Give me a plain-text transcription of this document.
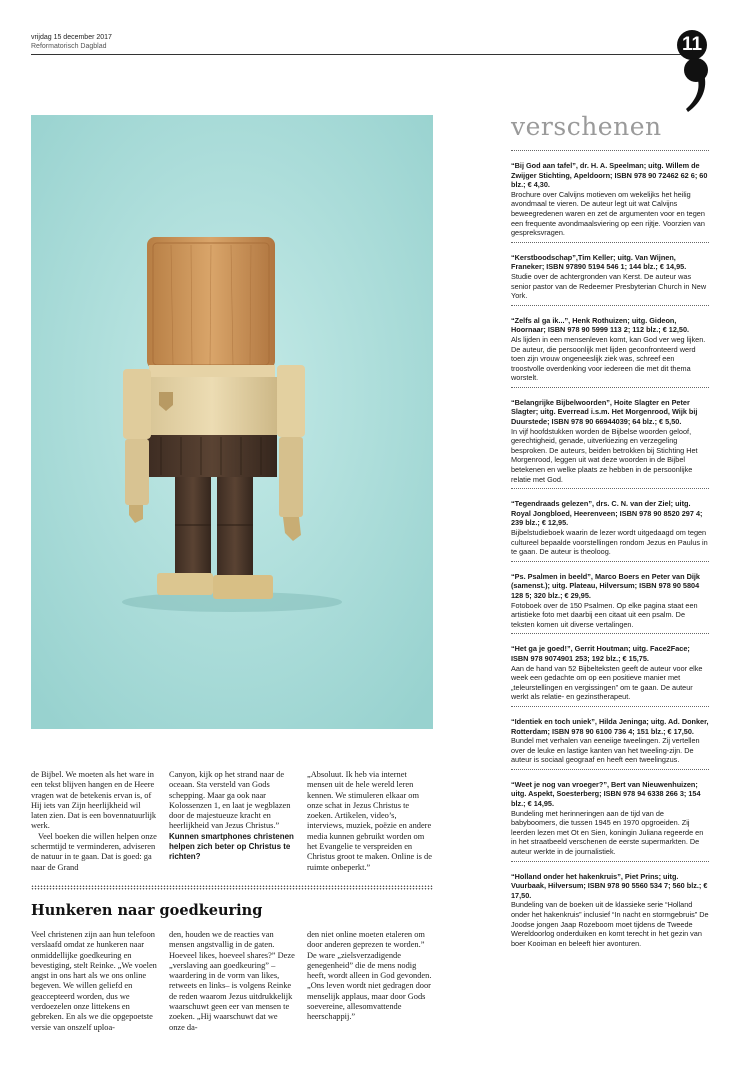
vrijdag 15 december 2017
Reformatorisch Dagblad	11
verschenen
“Bij God aan tafel”, dr. H. A. Speelman; uitg. Willem de Zwijger Stichting, Apeldoorn; ISBN 978 90 72462 62 6; 60 blz.; € 4,30.
Brochure over Calvijns motieven om wekelijks het heilig avondmaal te vieren. De auteur legt uit wat Calvijns beweegredenen waren en zet de argumenten voor en tegen een frequente avondmaalsviering op een rijtje. Voorzien van gespreksvragen.
“Kerstboodschap”,Tim Keller; uitg. Van Wijnen, Franeker; ISBN 97890 5194 546 1; 144 blz.; € 14,95.
Studie over de achtergronden van Kerst. De auteur was senior pastor van de Redeemer Presbyterian Church in New York.
“Zelfs al ga ik...”, Henk Rothuizen; uitg. Gideon, Hoornaar; ISBN 978 90 5999 113 2; 112 blz.; € 12,50.
Als lijden in een mensenleven komt, kan God ver weg lijken. De auteur, die persoonlijk met lijden geconfronteerd werd toen zijn vrouw ongeneeslijk ziek was, schreef een troostvolle overdenking voor iedereen die met dit thema worstelt.
“Belangrijke Bijbelwoorden”, Hoite Slagter en Peter Slagter; uitg. Everread i.s.m. Het Morgenrood, Wijk bij Duurstede; ISBN 978 90 66944039; 64 blz.; € 5,50.
In vijf hoofdstukken worden de Bijbelse woorden geloof, gerechtigheid, genade, uitverkiezing en verzegeling besproken. De auteurs, beiden betrokken bij Stichting Het Morgenrood, leggen uit wat deze woorden in de Bijbel betekenen en welke plaats ze hebben in de persoonlijke relatie met God.
“Tegendraads gelezen”, drs. C. N. van der Ziel; uitg. Royal Jongbloed, Heerenveen; ISBN 978 90 8520 297 4; 239 blz.; € 12,95.
Bijbelstudieboek waarin de lezer wordt uitgedaagd om tegen cultureel bepaalde voorstellingen rondom Jezus en Paulus in te gaan. De auteur is theoloog.
“Ps. Psalmen in beeld”, Marco Boers en Peter van Dijk (samenst.); uitg. Plateau, Hilversum; ISBN 978 90 5804 128 5; 320 blz.; € 29,95.
Fotoboek over de 150 Psalmen. Op elke pagina staat een artistieke foto met daarbij een citaat uit een psalm. De teksten komen uit diverse vertalingen.
“Het ga je goed!”, Gerrit Houtman; uitg. Face2Face; ISBN 978 9074901 253; 192 blz.; € 15,75.
Aan de hand van 52 Bijbelteksten geeft de auteur voor elke week een gedachte om op een positieve manier met „teleurstellingen en vergissingen” om te gaan. De auteur werkt als relatie- en gezinstherapeut.
“Identiek en toch uniek”, Hilda Jeninga; uitg. Ad. Donker, Rotterdam; ISBN 978 90 6100 736 4; 151 blz.; € 17,50.
Bundel met verhalen van eeneiige tweelingen. Zij vertellen over de leuke en lastige kanten van het tweeling-zijn. De auteur is sociaal geograaf en heeft een tweelingzus.
“Weet je nog van vroeger?”, Bert van Nieuwenhuizen; uitg. Aspekt, Soesterberg; ISBN 978 94 6338 266 3; 154 blz.; € 14,95.
Bundeling met herinneringen aan de tijd van de babyboomers, die tussen 1945 en 1970 opgroeiden. Zij leerden lezen met Ot en Sien, koningin Juliana regeerde en in het straatbeeld verschenen de eerste supermarkten. De auteur werkte in de journalistiek.
“Holland onder het hakenkruis”, Piet Prins; uitg. Vuurbaak, Hilversum; ISBN 978 90 5560 534 7; 560 blz.; € 17,50.
Bundeling van de boeken uit de klassieke serie “Holland onder het hakenkruis” inclusief “In nacht en stormgebruis” De Joodse jongen Jaap Rozeboom moet tijdens de Tweede Wereldoorlog onderduiken en komt terecht in het gezin van boer Kooiman en beleeft hier avonturen.

de Bijbel. We moeten als het ware in een tekst blijven hangen en de Heere vragen wat de betekenis ervan is, of Hij iets van Zijn heerlijkheid wil laten zien. Dat is een bovennatuurlijk werk.

Veel boeken die willen helpen onze schermtijd te verminderen, adviseren de natuur in te gaan. Dat is goed: ga naar de Grand

Canyon, kijk op het strand naar de oceaan. Sta versteld van Gods schepping. Maar ga ook naar Kolossenzen 1, en laat je wegblazen door de majestueuze kracht en heerlijkheid van Jezus Christus.”

Kunnen smartphones christenen helpen zich beter op Christus te richten?

„Absoluut. Ik heb via internet mensen uit de hele wereld leren kennen. We stimuleren elkaar om onze schat in Jezus Christus te zoeken. Artikelen, video’s, interviews, muziek, poëzie en andere media kunnen gebruikt worden om het Evangelie te verspreiden en Christus groot te maken. Online is de ruimte onbeperkt.”

Hunkeren naar goedkeuring

Veel christenen zijn aan hun telefoon verslaafd omdat ze hunkeren naar onmiddellijke goedkeuring en bevestiging, stelt Reinke. „We voelen angst in ons hart als we ons online begeven. We willen geliefd en geaccepteerd worden, dus we verdoezelen onze littekens en gebreken. En als we die opgepoetste versie van onszelf uploa-

den, houden we de reacties van mensen angstvallig in de gaten. Hoeveel likes, hoeveel shares?” Deze „verslaving aan goedkeuring” –waardering in de vorm van likes, retweets en links– is volgens Reinke de reden waarom Jezus uitdrukkelijk waarschuwt geen eer van mensen te zoeken. „Hij waarschuwt dat we onze da-

den niet online moeten etaleren om door anderen geprezen te worden.”

De ware „zielsverzadigende genegenheid” die de mens nodig heeft, wordt alleen in God gevonden. „Ons leven wordt niet gedragen door menselijk applaus, maar door Gods soevereine, allesomvattende heerschappij.”
